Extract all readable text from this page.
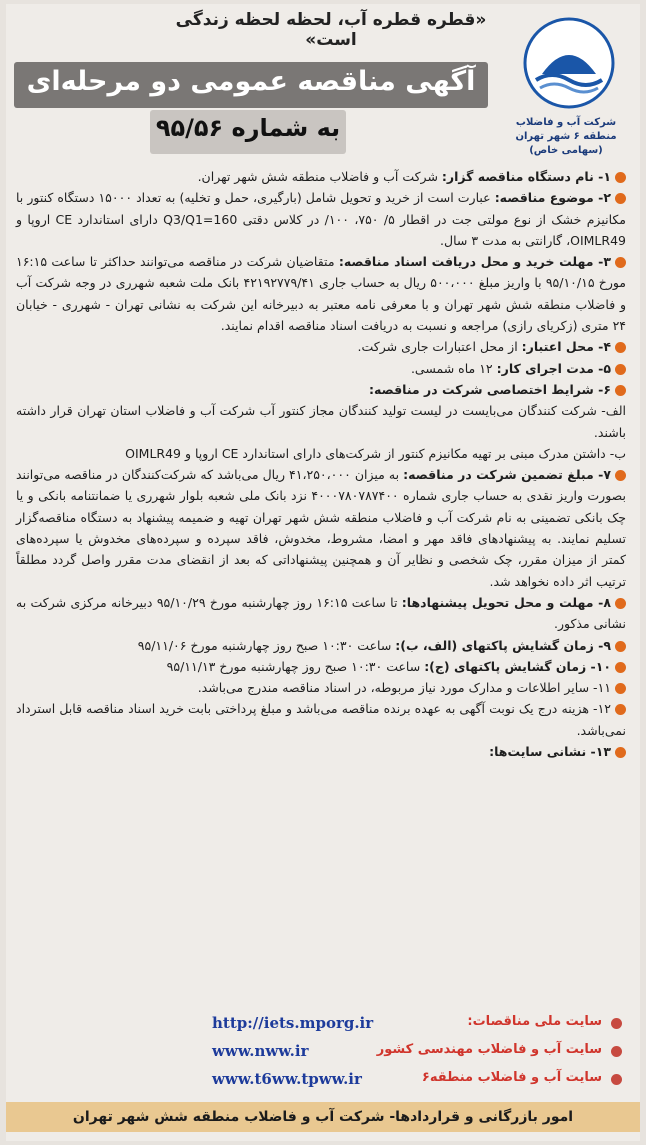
«قطره قطره آب، لحظه لحظه زندگی است»
آگهی مناقصه عمومی دو مرحله‌ای
به شماره ۹۵/۵۶	شرکت آب و فاضلاب
منطقه ۶ شهر تهران
(سهامی خاص)

۱- نام دستگاه مناقصه گزار: شرکت آب و فاضلاب منطقه شش شهر تهران.

۲- موضوع مناقصه: عبارت است از خرید و تحویل شامل (بارگیری، حمل و تخلیه) به تعداد ۱۵۰۰۰ دستگاه کنتور با مکانیزم خشک از نوع مولتی جت در اقطار ۵/ ۷۵۰، ۱۰۰/ در کلاس دقتی Q3/Q1=160 دارای استاندارد CE اروپا و OIMLR49، گارانتی به مدت ۳ سال.

۳- مهلت خرید و محل دریافت اسناد مناقصه: متقاضیان شرکت در مناقصه می‌توانند حداکثر تا ساعت ۱۶:۱۵ مورخ ۹۵/۱۰/۱۵ با واریز مبلغ ۵۰۰،۰۰۰ ریال به حساب جاری ۴۲۱۹۲۷۷۹/۴۱ بانک ملت شعبه شهرری در وجه شرکت آب و فاضلاب منطقه شش شهر تهران و با معرفی نامه معتبر به دبیرخانه این شرکت به نشانی تهران - شهرری - خیابان ۲۴ متری (زکریای رازی) مراجعه و نسبت به دریافت اسناد مناقصه اقدام نمایند.

۴- محل اعتبار: از محل اعتبارات جاری شرکت.

۵- مدت اجرای کار: ۱۲ ماه شمسی.

۶- شرایط اختصاصی شرکت در مناقصه:

الف- شرکت کنندگان می‌بایست در لیست تولید کنندگان مجاز کنتور آب شرکت آب و فاضلاب استان تهران قرار داشته باشند.

ب- داشتن مدرک مبنی بر تهیه مکانیزم کنتور از شرکت‌های دارای استاندارد CE اروپا و OIMLR49

۷- مبلغ تضمین شرکت در مناقصه: به میزان ۴۱،۲۵۰،۰۰۰ ریال می‌باشد که شرکت‌کنندگان در مناقصه می‌توانند بصورت واریز نقدی به حساب جاری شماره ۴۰۰۰۷۸۰۷۸۷۴۰۰ نزد بانک ملی شعبه بلوار شهرری یا ضمانتنامه بانکی و یا چک بانکی تضمینی به نام شرکت آب و فاضلاب منطقه شش شهر تهران تهیه و ضمیمه پیشنهاد به دستگاه مناقصه‌گزار تسلیم نمایند. به پیشنهادهای فاقد مهر و امضا، مشروط، مخدوش، فاقد سپرده و سپرده‌های مخدوش یا سپرده‌های کمتر از میزان مقرر، چک شخصی و نظایر آن و همچنین پیشنهاداتی که بعد از انقضای مدت مقرر واصل گردد مطلقاً ترتیب اثر داده نخواهد شد.

۸- مهلت و محل تحویل پیشنهادها: تا ساعت ۱۶:۱۵ روز چهارشنبه مورخ ۹۵/۱۰/۲۹ دبیرخانه مرکزی شرکت به نشانی مذکور.

۹- زمان گشایش پاکتهای (الف، ب): ساعت ۱۰:۳۰ صبح روز چهارشنبه مورخ ۹۵/۱۱/۰۶

۱۰- زمان گشایش پاکتهای (ج): ساعت ۱۰:۳۰ صبح روز چهارشنبه مورخ ۹۵/۱۱/۱۳

۱۱- سایر اطلاعات و مدارک مورد نیاز مربوطه، در اسناد مناقصه مندرج می‌باشد.

۱۲- هزینه درج یک نوبت آگهی به عهده برنده مناقصه می‌باشد و مبلغ پرداختی بابت خرید اسناد مناقصه قابل استرداد نمی‌باشد.

۱۳- نشانی سایت‌ها:

سایت ملی مناقصات:
http://iets.mporg.ir
سایت آب و فاضلاب مهندسی کشور
www.nww.ir
سایت آب و فاضلاب منطقه۶
www.t6ww.tpww.ir
امور بازرگانی و قراردادها- شرکت آب و فاضلاب منطقه شش شهر تهران
